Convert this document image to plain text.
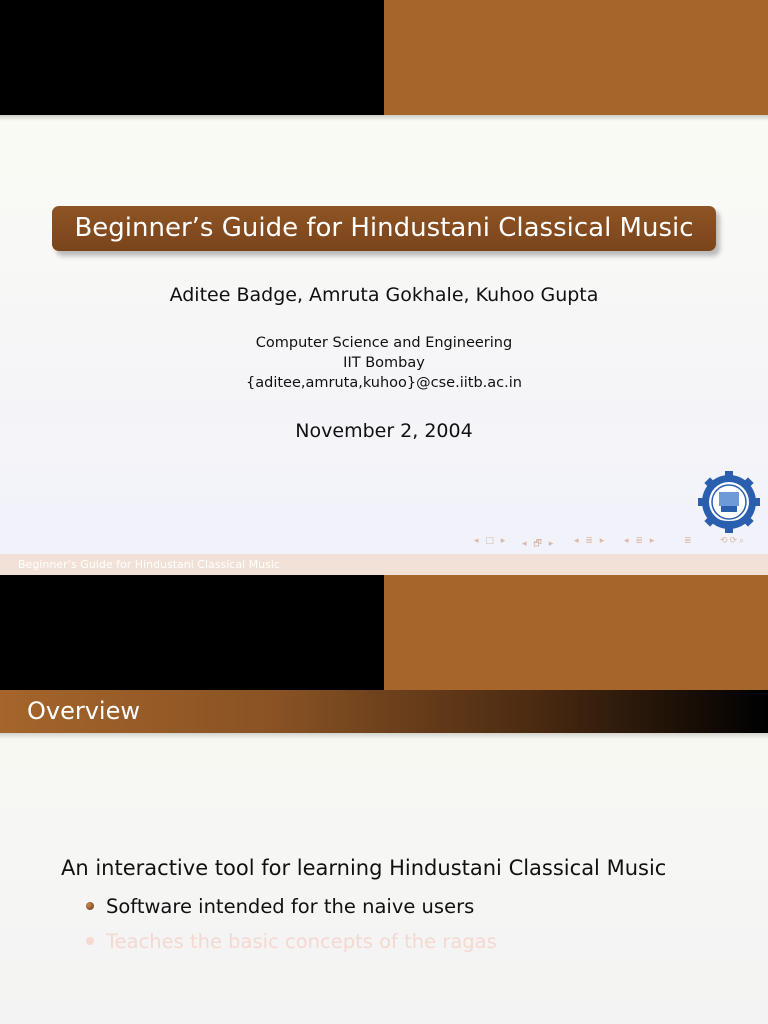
Beginner’s Guide for Hindustani Classical Music
Aditee Badge, Amruta Gokhale, Kuhoo Gupta
Computer Science and Engineering
IIT Bombay
{aditee,amruta,kuhoo}@cse.iitb.ac.in
November 2, 2004
◂ □ ▸ ◂ 🗗 ▸ ◂ ≣ ▸ ◂ ≣ ▸	≣	⟲⟳⌕
Beginner’s Guide for Hindustani Classical Music
Overview
An interactive tool for learning Hindustani Classical Music
Software intended for the naive users
Teaches the basic concepts of the ragas
